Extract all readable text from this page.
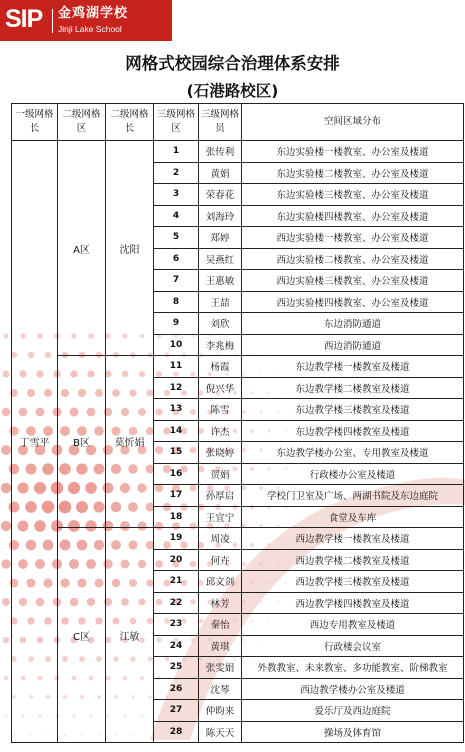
SIP 金鸡湖学校
Jinji Lake School
网格式校园综合治理体系安排
(石港路校区)
一级网格长	二级网格区	二级网格长	三级网格区	三级网格员	空间区域分布
丁雪平	A区	沈阳	1	张传利	东边实验楼一楼教室、办公室及楼道
			2	黄娟	东边实验楼二楼教室、办公室及楼道
			3	荣春花	东边实验楼三楼教室、办公室及楼道
			4	刘海玲	东边实验楼四楼教室、办公室及楼道
			5	郑婷	西边实验楼一楼教室、办公室及楼道
			6	吴燕红	西边实验楼二楼教室、办公室及楼道
			7	王惠敏	西边实验楼三楼教室、办公室及楼道
			8	王喆	西边实验楼四楼教室、办公室及楼道
			9	刘欣	东边消防通道
			10	李兆梅	西边消防通道
	B区	莫忻娟	11	杨霞	东边教学楼一楼教室及楼道
			12	倪兴华	东边教学楼二楼教室及楼道
			13	陈雪	东边教学楼三楼教室及楼道
			14	许杰	东边教学楼四楼教室及楼道
			15	张晓婷	东边教学楼办公室、专用教室及楼道
			16	贺娟	行政楼办公室及楼道
			17	孙厚启	学校门卫室及广场、两湖书院及东边庭院
			18	王宜宁	食堂及车库
	C区	江敏	19	周凌	西边教学楼一楼教室及楼道
			20	何卉	西边教学楼二楼教室及楼道
			21	邱文剑	西边教学楼三楼教室及楼道
			22	林芳	西边教学楼四楼教室及楼道
			23	秦怡	西边专用教室及楼道
			24	黄琪	行政楼会议室
			25	张雯娟	外教教室、未来教室、多功能教室、阶梯教室
			26	沈琴	西边教学楼办公室及楼道
			27	仲昀来	爱乐厅及西边庭院
			28	陈天天	操场及体育馆
